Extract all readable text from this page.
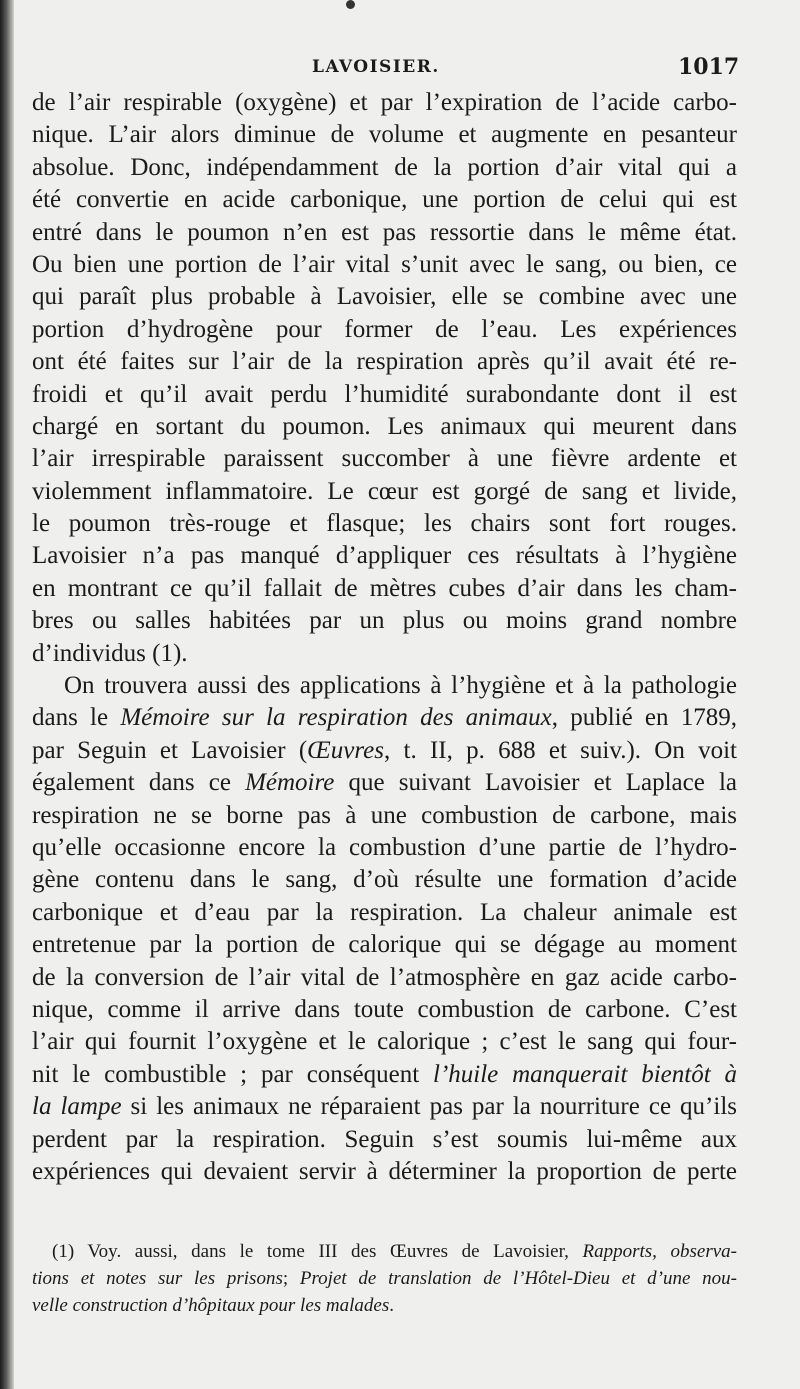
LAVOISIER.	1017
de l’air respirable (oxygène) et par l’expiration de l’acide carbo-
nique. L’air alors diminue de volume et augmente en pesanteur
absolue. Donc, indépendamment de la portion d’air vital qui a
été convertie en acide carbonique, une portion de celui qui est
entré dans le poumon n’en est pas ressortie dans le même état.
Ou bien une portion de l’air vital s’unit avec le sang, ou bien, ce
qui paraît plus probable à Lavoisier, elle se combine avec une
portion d’hydrogène pour former de l’eau. Les expériences
ont été faites sur l’air de la respiration après qu’il avait été re-
froidi et qu’il avait perdu l’humidité surabondante dont il est
chargé en sortant du poumon. Les animaux qui meurent dans
l’air irrespirable paraissent succomber à une fièvre ardente et
violemment inflammatoire. Le cœur est gorgé de sang et livide,
le poumon très-rouge et flasque; les chairs sont fort rouges.
Lavoisier n’a pas manqué d’appliquer ces résultats à l’hygiène
en montrant ce qu’il fallait de mètres cubes d’air dans les cham-
bres ou salles habitées par un plus ou moins grand nombre
d’individus (1).
On trouvera aussi des applications à l’hygiène et à la pathologie
dans le Mémoire sur la respiration des animaux, publié en 1789,
par Seguin et Lavoisier (Œuvres, t. II, p. 688 et suiv.). On voit
également dans ce Mémoire que suivant Lavoisier et Laplace la
respiration ne se borne pas à une combustion de carbone, mais
qu’elle occasionne encore la combustion d’une partie de l’hydro-
gène contenu dans le sang, d’où résulte une formation d’acide
carbonique et d’eau par la respiration. La chaleur animale est
entretenue par la portion de calorique qui se dégage au moment
de la conversion de l’air vital de l’atmosphère en gaz acide carbo-
nique, comme il arrive dans toute combustion de carbone. C’est
l’air qui fournit l’oxygène et le calorique ; c’est le sang qui four-
nit le combustible ; par conséquent l’huile manquerait bientôt à
la lampe si les animaux ne réparaient pas par la nourriture ce qu’ils
perdent par la respiration. Seguin s’est soumis lui-même aux
expériences qui devaient servir à déterminer la proportion de perte
(1) Voy. aussi, dans le tome III des Œuvres de Lavoisier, Rapports, observa-
tions et notes sur les prisons; Projet de translation de l’Hôtel-Dieu et d’une nou-
velle construction d’hôpitaux pour les malades.
